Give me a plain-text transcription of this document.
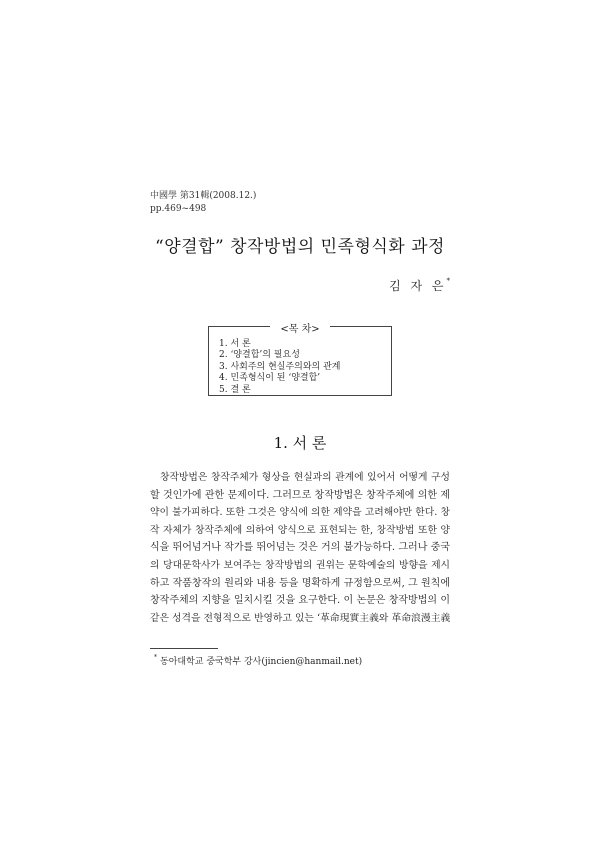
中國學 第31輯(2008.12.)
pp.469~498
“양결합” 창작방법의 민족형식화 과정
김 자 은*
<목 차>
1. 서 론
2. ‘양결합’의 필요성
3. 사회주의 현실주의와의 관계
4. 민족형식이 된 ‘양결합’
5. 결 론
1. 서 론
창작방법은 창작주체가 형상을 현실과의 관계에 있어서 어떻게 구성
할 것인가에 관한 문제이다. 그러므로 창작방법은 창작주체에 의한 제
약이 불가피하다. 또한 그것은 양식에 의한 제약을 고려해야만 한다. 창
작 자체가 창작주체에 의하여 양식으로 표현되는 한, 창작방법 또한 양
식을 뛰어넘거나 작가를 뛰어넘는 것은 거의 불가능하다. 그러나 중국
의 당대문학사가 보여주는 창작방법의 권위는 문학예술의 방향을 제시
하고 작품창작의 원리와 내용 등을 명확하게 규정함으로써, 그 원칙에
창작주체의 지향을 일치시킬 것을 요구한다. 이 논문은 창작방법의 이
같은 성격을 전형적으로 반영하고 있는 ‘革命現實主義와 革命浪漫主義
* 동아대학교 중국학부 강사(jincien@hanmail.net)
